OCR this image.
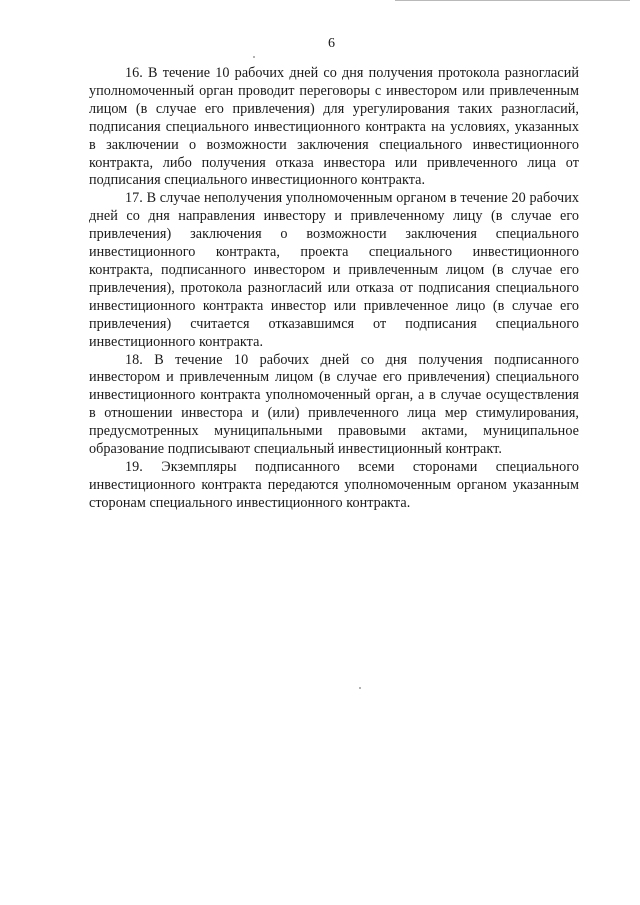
6

16. В течение 10 рабочих дней со дня получения протокола разногласий уполномоченный орган проводит переговоры с инвестором или привлеченным лицом (в случае его привлечения) для урегулирования таких разногласий, подписания специального инвестиционного контракта на условиях, указанных в заключении о возможности заключения специального инвестиционного контракта, либо получения отказа инвестора или привлеченного лица от подписания специального инвестиционного контракта.

17. В случае неполучения уполномоченным органом в течение 20 рабочих дней со дня направления инвестору и привлеченному лицу (в случае его привлечения) заключения о возможности заключения специального инвестиционного контракта, проекта специального инвестиционного контракта, подписанного инвестором и привлеченным лицом (в случае его привлечения), протокола разногласий или отказа от подписания специального инвестиционного контракта инвестор или привлеченное лицо (в случае его привлечения) считается отказавшимся от подписания специального инвестиционного контракта.

18. В течение 10 рабочих дней со дня получения подписанного инвестором и привлеченным лицом (в случае его привлечения) специального инвестиционного контракта уполномоченный орган, а в случае осуществления в отношении инвестора и (или) привлеченного лица мер стимулирования, предусмотренных муниципальными правовыми актами, муниципальное образование подписывают специальный инвестиционный контракт.

19. Экземпляры подписанного всеми сторонами специального инвестиционного контракта передаются уполномоченным органом указанным сторонам специального инвестиционного контракта.
